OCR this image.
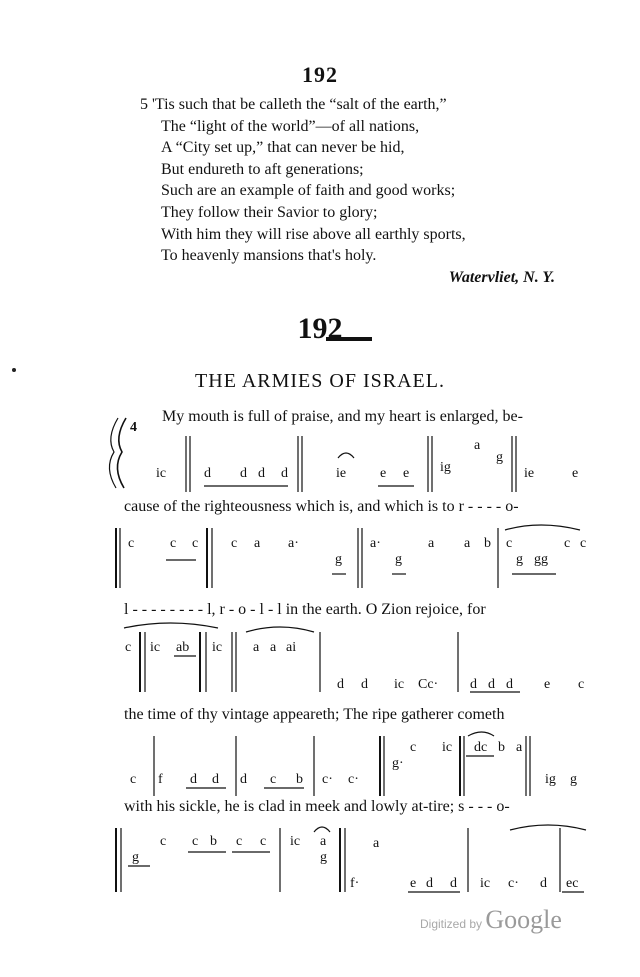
192
5 'Tis such that be calleth the “salt of the earth,”
The “light of the world”—of all nations,
A “City set up,” that can never be hid,
But endureth to aft generations;
Such are an example of faith and good works;
They follow their Savior to glory;
With him they will rise above all earthly sports,
To heavenly mansions that's holy.
Watervliet, N. Y.
192
THE ARMIES OF ISRAEL.
My mouth is full of praise, and my heart is enlarged, be-
cause of the righteousness which is, and which is to r - - - - o-
l - - - - - - - - l, r - o - l - l in the earth. O Zion rejoice, for
the time of thy vintage appeareth; The ripe gatherer cometh
with his sickle, he is clad in meek and lowly at-tire; s - - - o-
4
a
g
ic	d d d d	ie e e ig	ie	e
c	c c c a a·	a·	a a b c	c c
g	g	g gg
c ic ab ic a a ai
d d ic Cc· d d d e c
c ic dc b a
c f d d d c b c· c·
g·
ig g
c c b c c ic a	a
g	g
f·	e d d ic c· d ec
Digitized by Google
